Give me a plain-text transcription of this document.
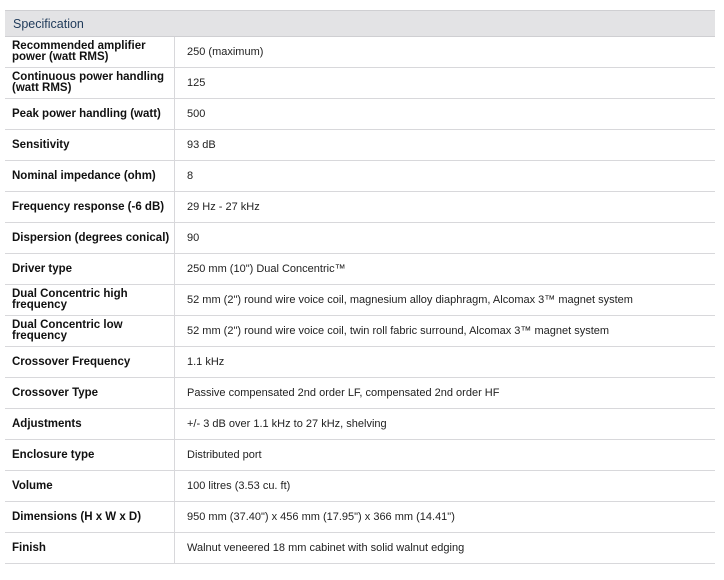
Specification
Recommended amplifier power (watt RMS)	250 (maximum)
Continuous power handling (watt RMS)	125
Peak power handling (watt)	500
Sensitivity	93 dB
Nominal impedance (ohm)	8
Frequency response (-6 dB)	29 Hz - 27 kHz
Dispersion (degrees conical)	90
Driver type	250 mm (10") Dual Concentric™
Dual Concentric high frequency	52 mm (2") round wire voice coil, magnesium alloy diaphragm, Alcomax 3™ magnet system
Dual Concentric low frequency	52 mm (2") round wire voice coil, twin roll fabric surround, Alcomax 3™ magnet system
Crossover Frequency	1.1 kHz
Crossover Type	Passive compensated 2nd order LF, compensated 2nd order HF
Adjustments	+/- 3 dB over 1.1 kHz to 27 kHz, shelving
Enclosure type	Distributed port
Volume	100 litres (3.53 cu. ft)
Dimensions (H x W x D)	950 mm (37.40") x 456 mm (17.95") x 366 mm (14.41")
Finish	Walnut veneered 18 mm cabinet with solid walnut edging
